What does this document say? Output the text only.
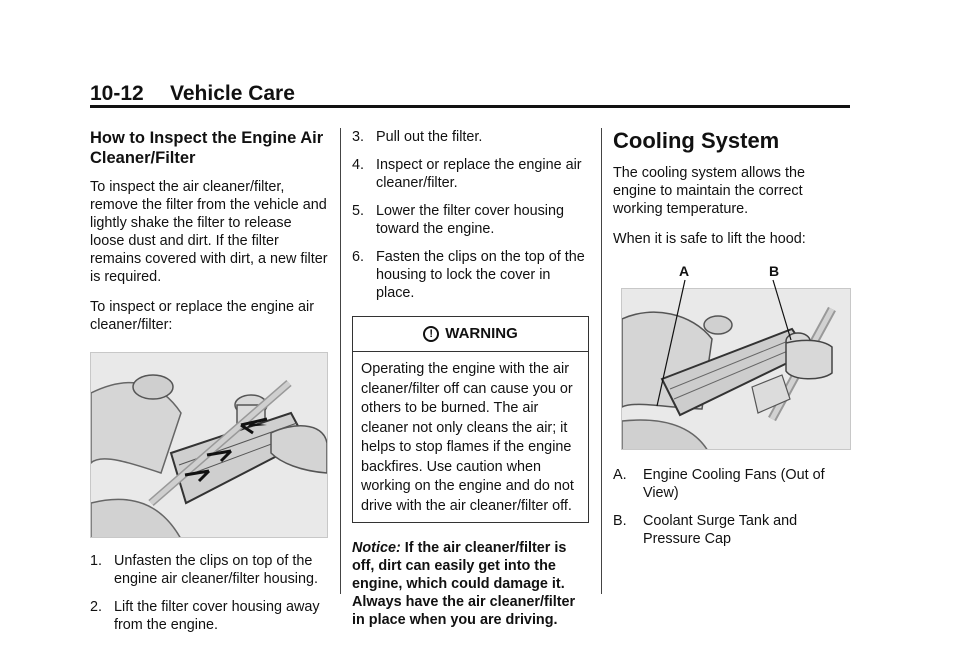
10-12 Vehicle Care
How to Inspect the Engine Air Cleaner/Filter

To inspect the air cleaner/filter, remove the filter from the vehicle and lightly shake the filter to release loose dust and dirt. If the filter remains covered with dirt, a new filter is required.

To inspect or replace the engine air cleaner/filter:

1. Unfasten the clips on top of the engine air cleaner/filter housing.
2. Lift the filter cover housing away from the engine.
3. Pull out the filter.
4. Inspect or replace the engine air cleaner/filter.
5. Lower the filter cover housing toward the engine.
6. Fasten the clips on the top of the housing to lock the cover in place.
! WARNING
Operating the engine with the air cleaner/filter off can cause you or others to be burned. The air cleaner not only cleans the air; it helps to stop flames if the engine backfires. Use caution when working on the engine and do not drive with the air cleaner/filter off.
Notice: If the air cleaner/filter is off, dirt can easily get into the engine, which could damage it. Always have the air cleaner/filter in place when you are driving.
Cooling System

The cooling system allows the engine to maintain the correct working temperature.

When it is safe to lift the hood:

A	B
A. Engine Cooling Fans (Out of View)
B. Coolant Surge Tank and Pressure Cap
